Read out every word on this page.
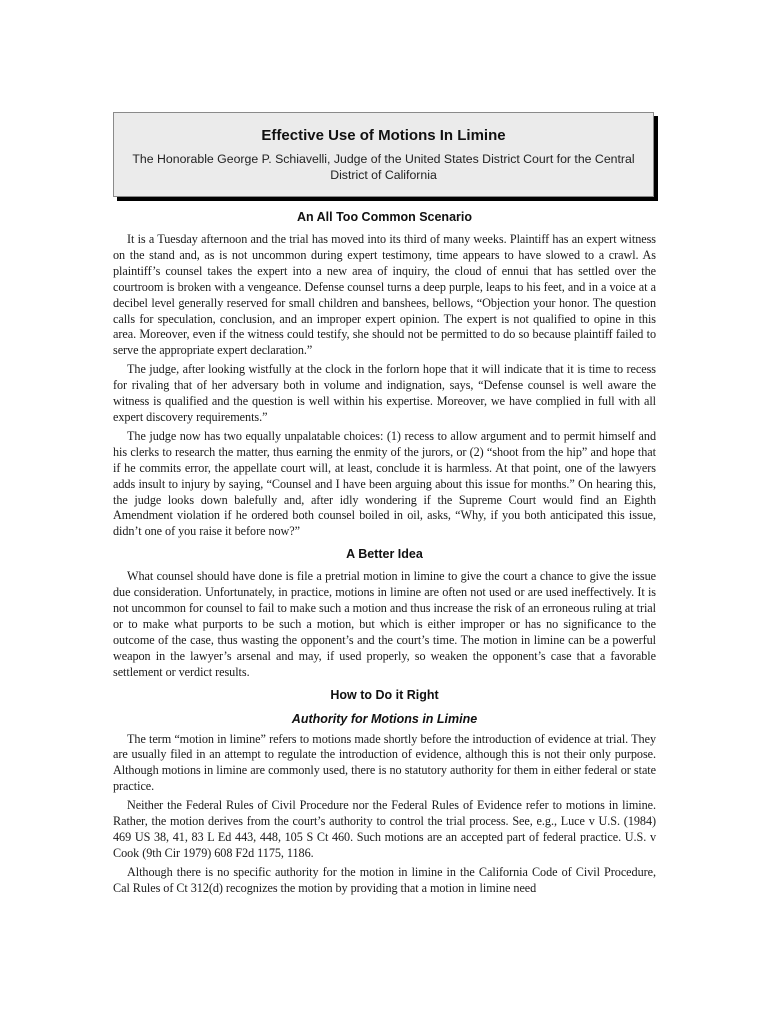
Effective Use of Motions In Limine
The Honorable George P. Schiavelli, Judge of the United States District Court for the Central District of California
An All Too Common Scenario

It is a Tuesday afternoon and the trial has moved into its third of many weeks. Plaintiff has an expert witness on the stand and, as is not uncommon during expert testimony, time appears to have slowed to a crawl. As plaintiff’s counsel takes the expert into a new area of inquiry, the cloud of ennui that has settled over the courtroom is broken with a vengeance. Defense counsel turns a deep purple, leaps to his feet, and in a voice at a decibel level generally reserved for small children and banshees, bellows, “Objection your honor. The question calls for speculation, conclusion, and an improper expert opinion. The expert is not qualified to opine in this area. Moreover, even if the witness could testify, she should not be permitted to do so because plaintiff failed to serve the appropriate expert declaration.”

The judge, after looking wistfully at the clock in the forlorn hope that it will indicate that it is time to recess for rivaling that of her adversary both in volume and indignation, says, “Defense counsel is well aware the witness is qualified and the question is well within his expertise. Moreover, we have complied in full with all expert discovery requirements.”

The judge now has two equally unpalatable choices: (1) recess to allow argument and to permit himself and his clerks to research the matter, thus earning the enmity of the jurors, or (2) “shoot from the hip” and hope that if he commits error, the appellate court will, at least, conclude it is harmless. At that point, one of the lawyers adds insult to injury by saying, “Counsel and I have been arguing about this issue for months.” On hearing this, the judge looks down balefully and, after idly wondering if the Supreme Court would find an Eighth Amendment violation if he ordered both counsel boiled in oil, asks, “Why, if you both anticipated this issue, didn’t one of you raise it before now?”

A Better Idea

What counsel should have done is file a pretrial motion in limine to give the court a chance to give the issue due consideration. Unfortunately, in practice, motions in limine are often not used or are used ineffectively. It is not uncommon for counsel to fail to make such a motion and thus increase the risk of an erroneous ruling at trial or to make what purports to be such a motion, but which is either improper or has no significance to the outcome of the case, thus wasting the opponent’s and the court’s time. The motion in limine can be a powerful weapon in the lawyer’s arsenal and may, if used properly, so weaken the opponent’s case that a favorable settlement or verdict results.

How to Do it Right
Authority for Motions in Limine

The term “motion in limine” refers to motions made shortly before the introduction of evidence at trial. They are usually filed in an attempt to regulate the introduction of evidence, although this is not their only purpose. Although motions in limine are commonly used, there is no statutory authority for them in either federal or state practice.

Neither the Federal Rules of Civil Procedure nor the Federal Rules of Evidence refer to motions in limine. Rather, the motion derives from the court’s authority to control the trial process. See, e.g., Luce v U.S. (1984) 469 US 38, 41, 83 L Ed 443, 448, 105 S Ct 460. Such motions are an accepted part of federal practice. U.S. v Cook (9th Cir 1979) 608 F2d 1175, 1186.

Although there is no specific authority for the motion in limine in the California Code of Civil Procedure, Cal Rules of Ct 312(d) recognizes the motion by providing that a motion in limine need
